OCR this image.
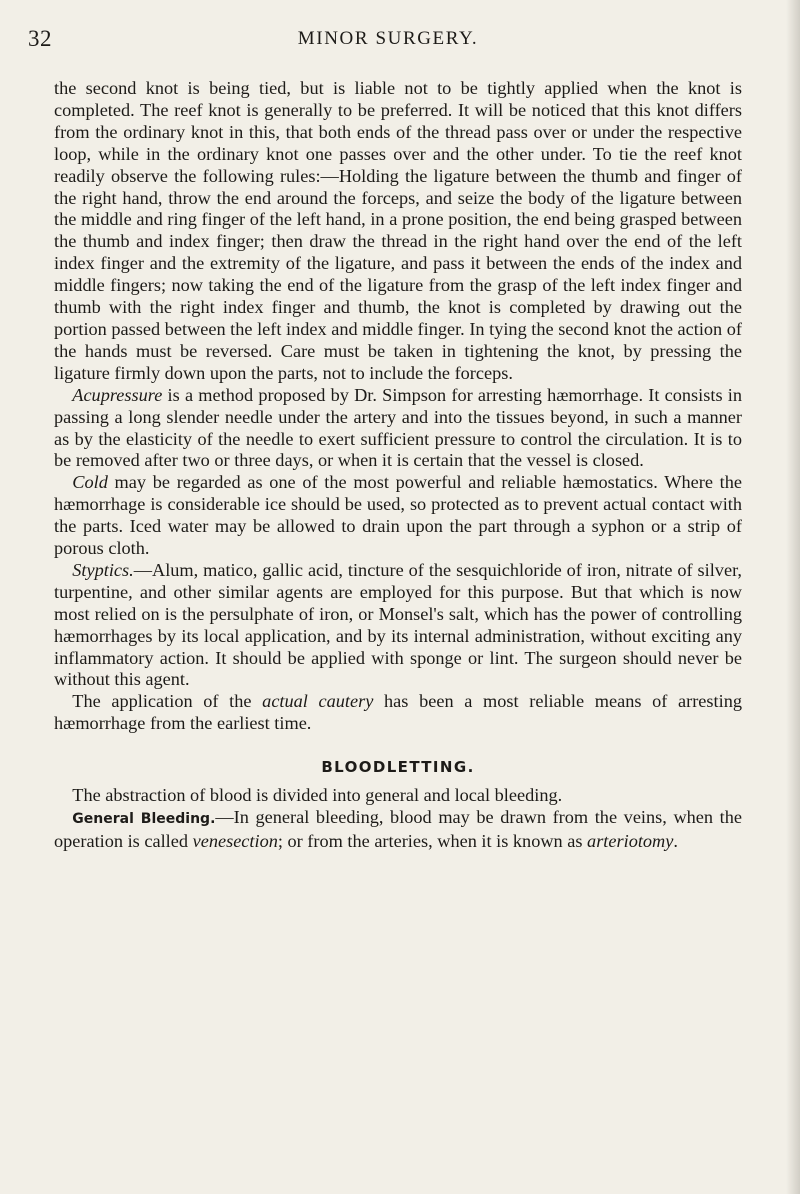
32	MINOR SURGERY.

the second knot is being tied, but is liable not to be tightly applied when the knot is completed. The reef knot is generally to be preferred. It will be noticed that this knot differs from the ordinary knot in this, that both ends of the thread pass over or under the respective loop, while in the ordinary knot one passes over and the other under. To tie the reef knot readily observe the following rules:—Holding the ligature between the thumb and finger of the right hand, throw the end around the forceps, and seize the body of the ligature between the middle and ring finger of the left hand, in a prone position, the end being grasped between the thumb and index finger; then draw the thread in the right hand over the end of the left index finger and the extremity of the ligature, and pass it between the ends of the index and middle fingers; now taking the end of the ligature from the grasp of the left index finger and thumb with the right index finger and thumb, the knot is completed by drawing out the portion passed between the left index and middle finger. In tying the second knot the action of the hands must be reversed. Care must be taken in tightening the knot, by pressing the ligature firmly down upon the parts, not to include the forceps.

 Acupressure is a method proposed by Dr. Simpson for arresting hæmorrhage. It consists in passing a long slender needle under the artery and into the tissues beyond, in such a manner as by the elasticity of the needle to exert sufficient pressure to control the circulation. It is to be removed after two or three days, or when it is certain that the vessel is closed.

 Cold may be regarded as one of the most powerful and reliable hæmostatics. Where the hæmorrhage is considerable ice should be used, so protected as to prevent actual contact with the parts. Iced water may be allowed to drain upon the part through a syphon or a strip of porous cloth.

 Styptics.—Alum, matico, gallic acid, tincture of the sesquichloride of iron, nitrate of silver, turpentine, and other similar agents are employed for this purpose. But that which is now most relied on is the persulphate of iron, or Monsel's salt, which has the power of controlling hæmorrhages by its local application, and by its internal administration, without exciting any inflammatory action. It should be applied with sponge or lint. The surgeon should never be without this agent.

 The application of the actual cautery has been a most reliable means of arresting hæmorrhage from the earliest time.

BLOODLETTING.

 The abstraction of blood is divided into general and local bleeding.

 General Bleeding.—In general bleeding, blood may be drawn from the veins, when the operation is called venesection; or from the arteries, when it is known as arteriotomy.
